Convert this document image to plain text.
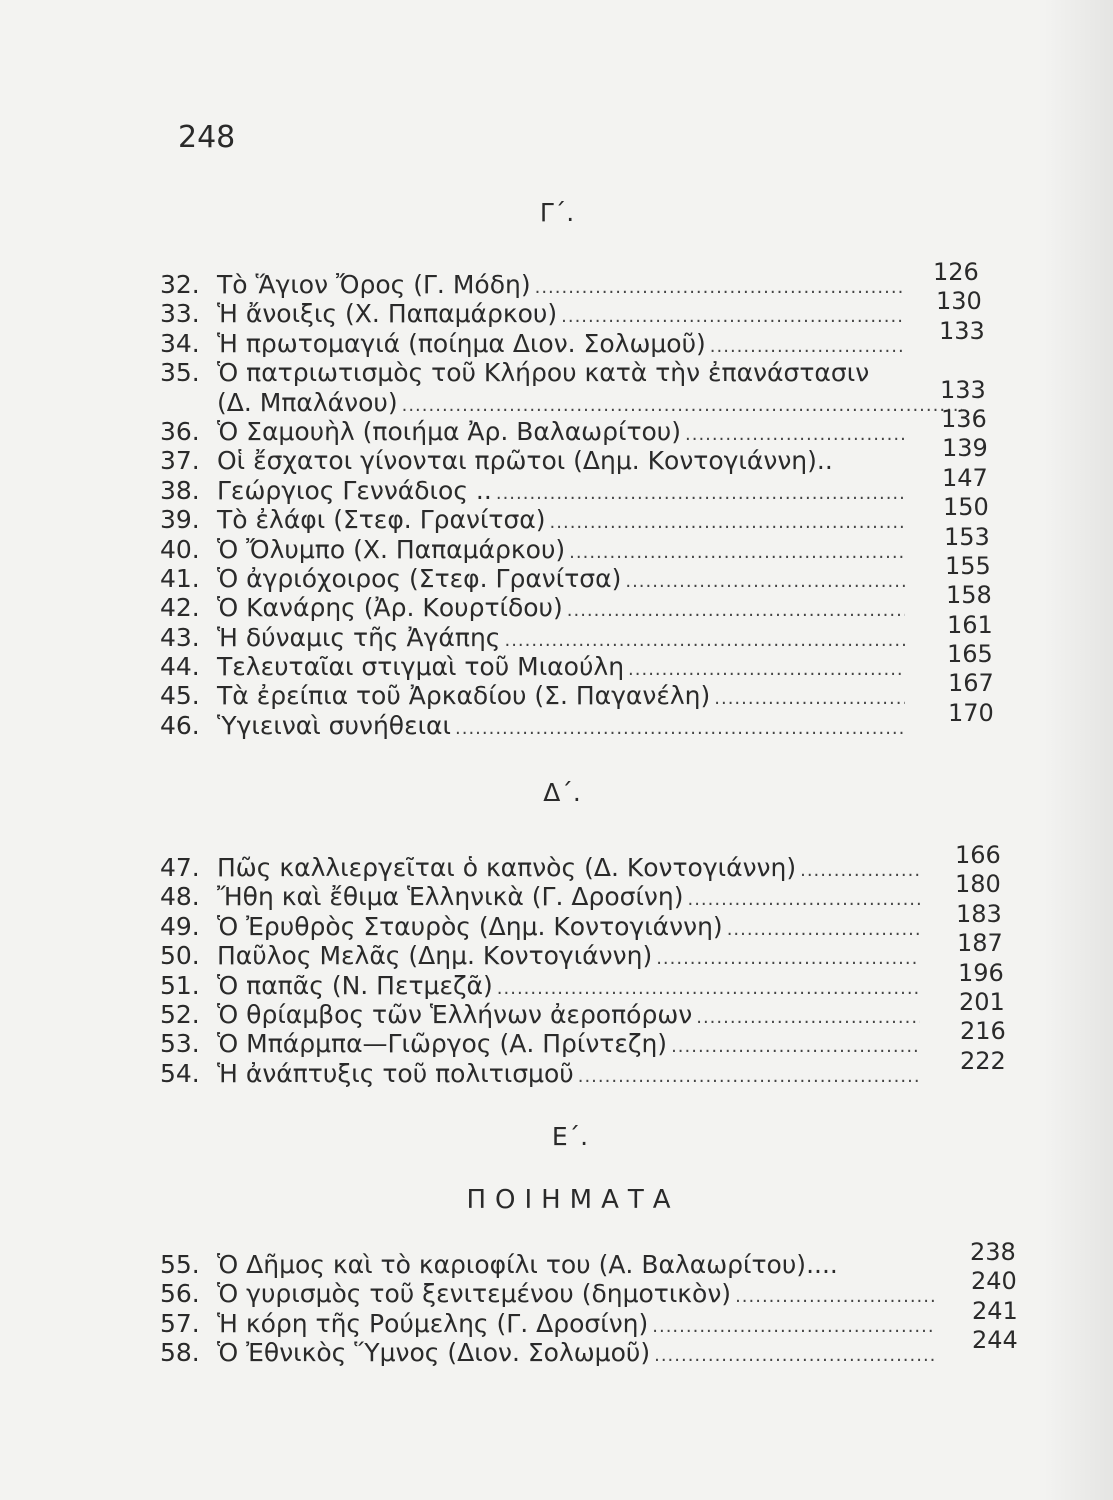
248
Γ΄.
32. Τὸ Ἅγιον Ὄρος (Γ. Μόδη)
.....	126
33. Ἡ ἄνοιξις (Χ. Παπαμάρκου)
.....	130
34. Ἡ πρωτομαγιά (ποίημα Διον. Σολωμοῦ)
.....	133
35. Ὁ πατριωτισμὸς τοῦ Κλήρου κατὰ τὴν ἐπανάστασιν
(Δ. Μπαλάνου)
.....	133
36. Ὁ Σαμουὴλ (ποιήμα Ἀρ. Βαλαωρίτου)
.....	136
37. Οἱ ἔσχατοι γίνονται πρῶτοι (Δημ. Κοντογιάννη)..	139
38. Γεώργιος Γεννάδιος ..
.....	147
39. Τὸ ἐλάφι (Στεφ. Γρανίτσα)
.....	150
40. Ὁ Ὄλυμπο (Χ. Παπαμάρκου)
.....	153
41. Ὁ ἀγριόχοιρος (Στεφ. Γρανίτσα)
.....	155
42. Ὁ Κανάρης (Ἀρ. Κουρτίδου)
.....	158
43. Ἡ δύναμις τῆς Ἀγάπης
.....	161
44. Τελευταῖαι στιγμαὶ τοῦ Μιαούλη
.....	165
45. Τὰ ἐρείπια τοῦ Ἀρκαδίου (Σ. Παγανέλη)
.....	167
46. Ὑγιειναὶ συνήθειαι
.....	170
Δ΄.
47. Πῶς καλλιεργεῖται ὁ καπνὸς (Δ. Κοντογιάννη)
.....	166
48. Ἤθη καὶ ἔθιμα Ἑλληνικὰ (Γ. Δροσίνη)
.....	180
49. Ὁ Ἐρυθρὸς Σταυρὸς (Δημ. Κοντογιάννη)
.....	183
50. Παῦλος Μελᾶς (Δημ. Κοντογιάννη)
.....	187
51. Ὁ παπᾶς (Ν. Πετμεζᾶ)
.....	196
52. Ὁ θρίαμβος τῶν Ἑλλήνων ἀεροπόρων
.....	201
53. Ὁ Μπάρμπα—Γιῶργος (Α. Πρίντεζη)
.....	216
54. Ἡ ἀνάπτυξις τοῦ πολιτισμοῦ
.....	222
Ε΄.
ΠΟΙΗΜΑΤΑ
55. Ὁ Δῆμος καὶ τὸ καριοφίλι του (Α. Βαλαωρίτου)....	238
56. Ὁ γυρισμὸς τοῦ ξενιτεμένου (δημοτικὸν)
.....	240
57. Ἡ κόρη τῆς Ρούμελης (Γ. Δροσίνη)
.....	241
58. Ὁ Ἐθνικὸς Ὕμνος (Διον. Σολωμοῦ)
.....	244
